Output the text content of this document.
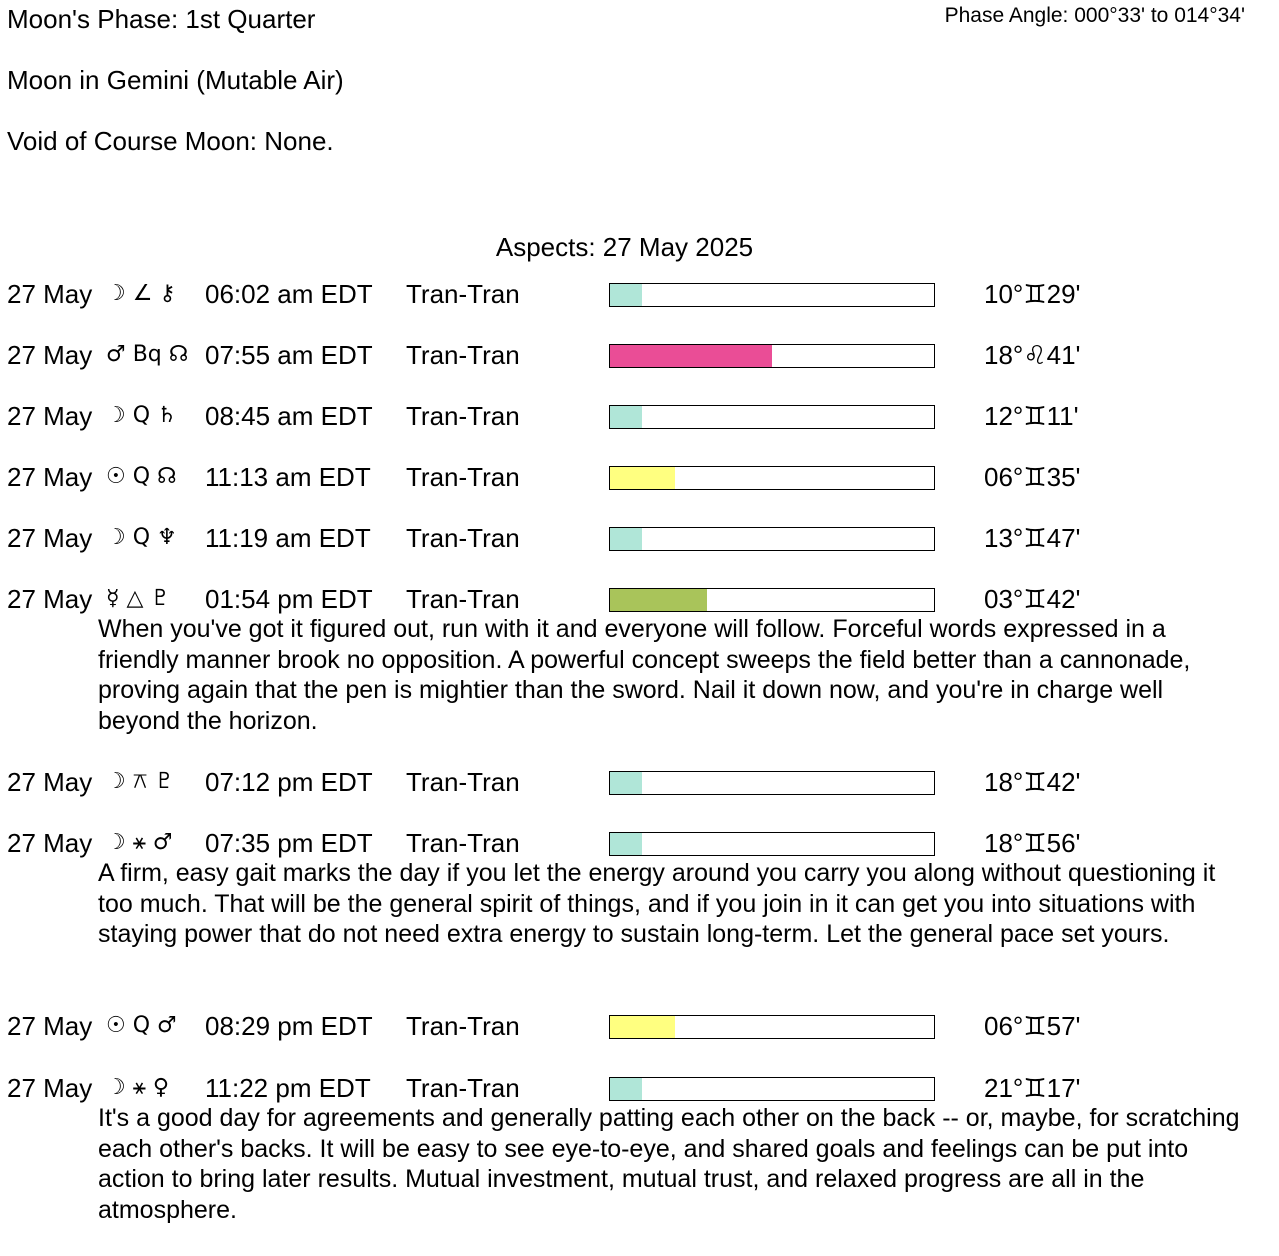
Moon's Phase: 1st Quarter	Phase Angle: 000°33' to 014°34'
Moon in Gemini (Mutable Air)
Void of Course Moon: None.
Aspects: 27 May 2025
27 May ☽ ∠ ⚷ 06:02 am EDT Tran-Tran	10°♊29'
27 May ♂ Bq ☊ 07:55 am EDT Tran-Tran	18°♌41'
27 May ☽ Q ♄ 08:45 am EDT Tran-Tran	12°♊11'
27 May ☉ Q ☊ 11:13 am EDT Tran-Tran	06°♊35'
27 May ☽ Q ♆ 11:19 am EDT Tran-Tran	13°♊47'
27 May ☿ △ ♇ 01:54 pm EDT Tran-Tran	03°♊42'
When you've got it figured out, run with it and everyone will follow. Forceful words expressed in a friendly manner brook no opposition. A powerful concept sweeps the field better than a cannonade, proving again that the pen is mightier than the sword. Nail it down now, and you're in charge well beyond the horizon.
27 May ☽ ⚻ ♇ 07:12 pm EDT Tran-Tran	18°♊42'
27 May ☽ ⚹ ♂ 07:35 pm EDT Tran-Tran	18°♊56'
A firm, easy gait marks the day if you let the energy around you carry you along without questioning it too much. That will be the general spirit of things, and if you join in it can get you into situations with staying power that do not need extra energy to sustain long-term. Let the general pace set yours.
27 May ☉ Q ♂ 08:29 pm EDT Tran-Tran	06°♊57'
27 May ☽ ⚹ ♀ 11:22 pm EDT Tran-Tran	21°♊17'
It's a good day for agreements and generally patting each other on the back -- or, maybe, for scratching each other's backs. It will be easy to see eye-to-eye, and shared goals and feelings can be put into action to bring later results. Mutual investment, mutual trust, and relaxed progress are all in the atmosphere.
